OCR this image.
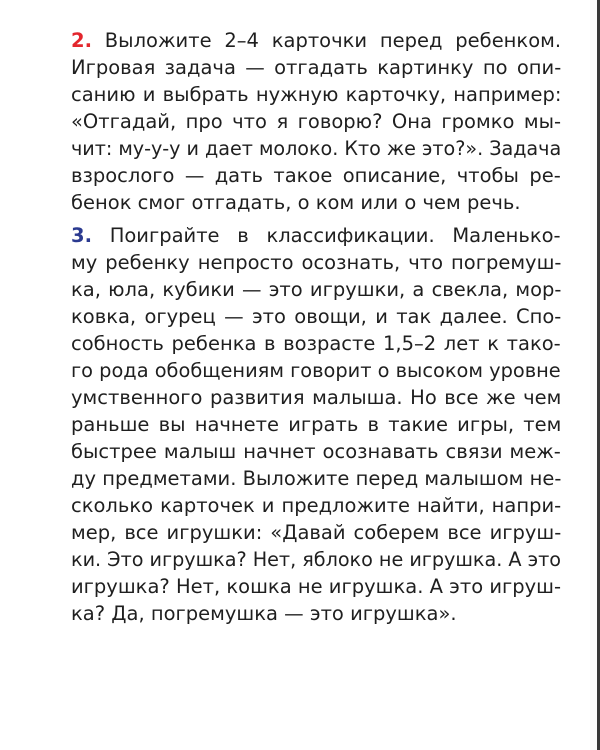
2. Выложите 2–4 карточки перед ребенком.
Игровая задача — отгадать картинку по опи-
санию и выбрать нужную карточку, например:
«Отгадай, про что я говорю? Она громко мы-
чит: му-у-у и дает молоко. Кто же это?». Задача
взрослого — дать такое описание, чтобы ре-
бенок смог отгадать, о ком или о чем речь.
3. Поиграйте в классификации. Маленько-
му ребенку непросто осознать, что погремуш-
ка, юла, кубики — это игрушки, а свекла, мор-
ковка, огурец — это овощи, и так далее. Спо-
собность ребенка в возрасте 1,5–2 лет к тако-
го рода обобщениям говорит о высоком уровне
умственного развития малыша. Но все же чем
раньше вы начнете играть в такие игры, тем
быстрее малыш начнет осознавать связи меж-
ду предметами. Выложите перед малышом не-
сколько карточек и предложите найти, напри-
мер, все игрушки: «Давай соберем все игруш-
ки. Это игрушка? Нет, яблоко не игрушка. А это
игрушка? Нет, кошка не игрушка. А это игруш-
ка? Да, погремушка — это игрушка».
